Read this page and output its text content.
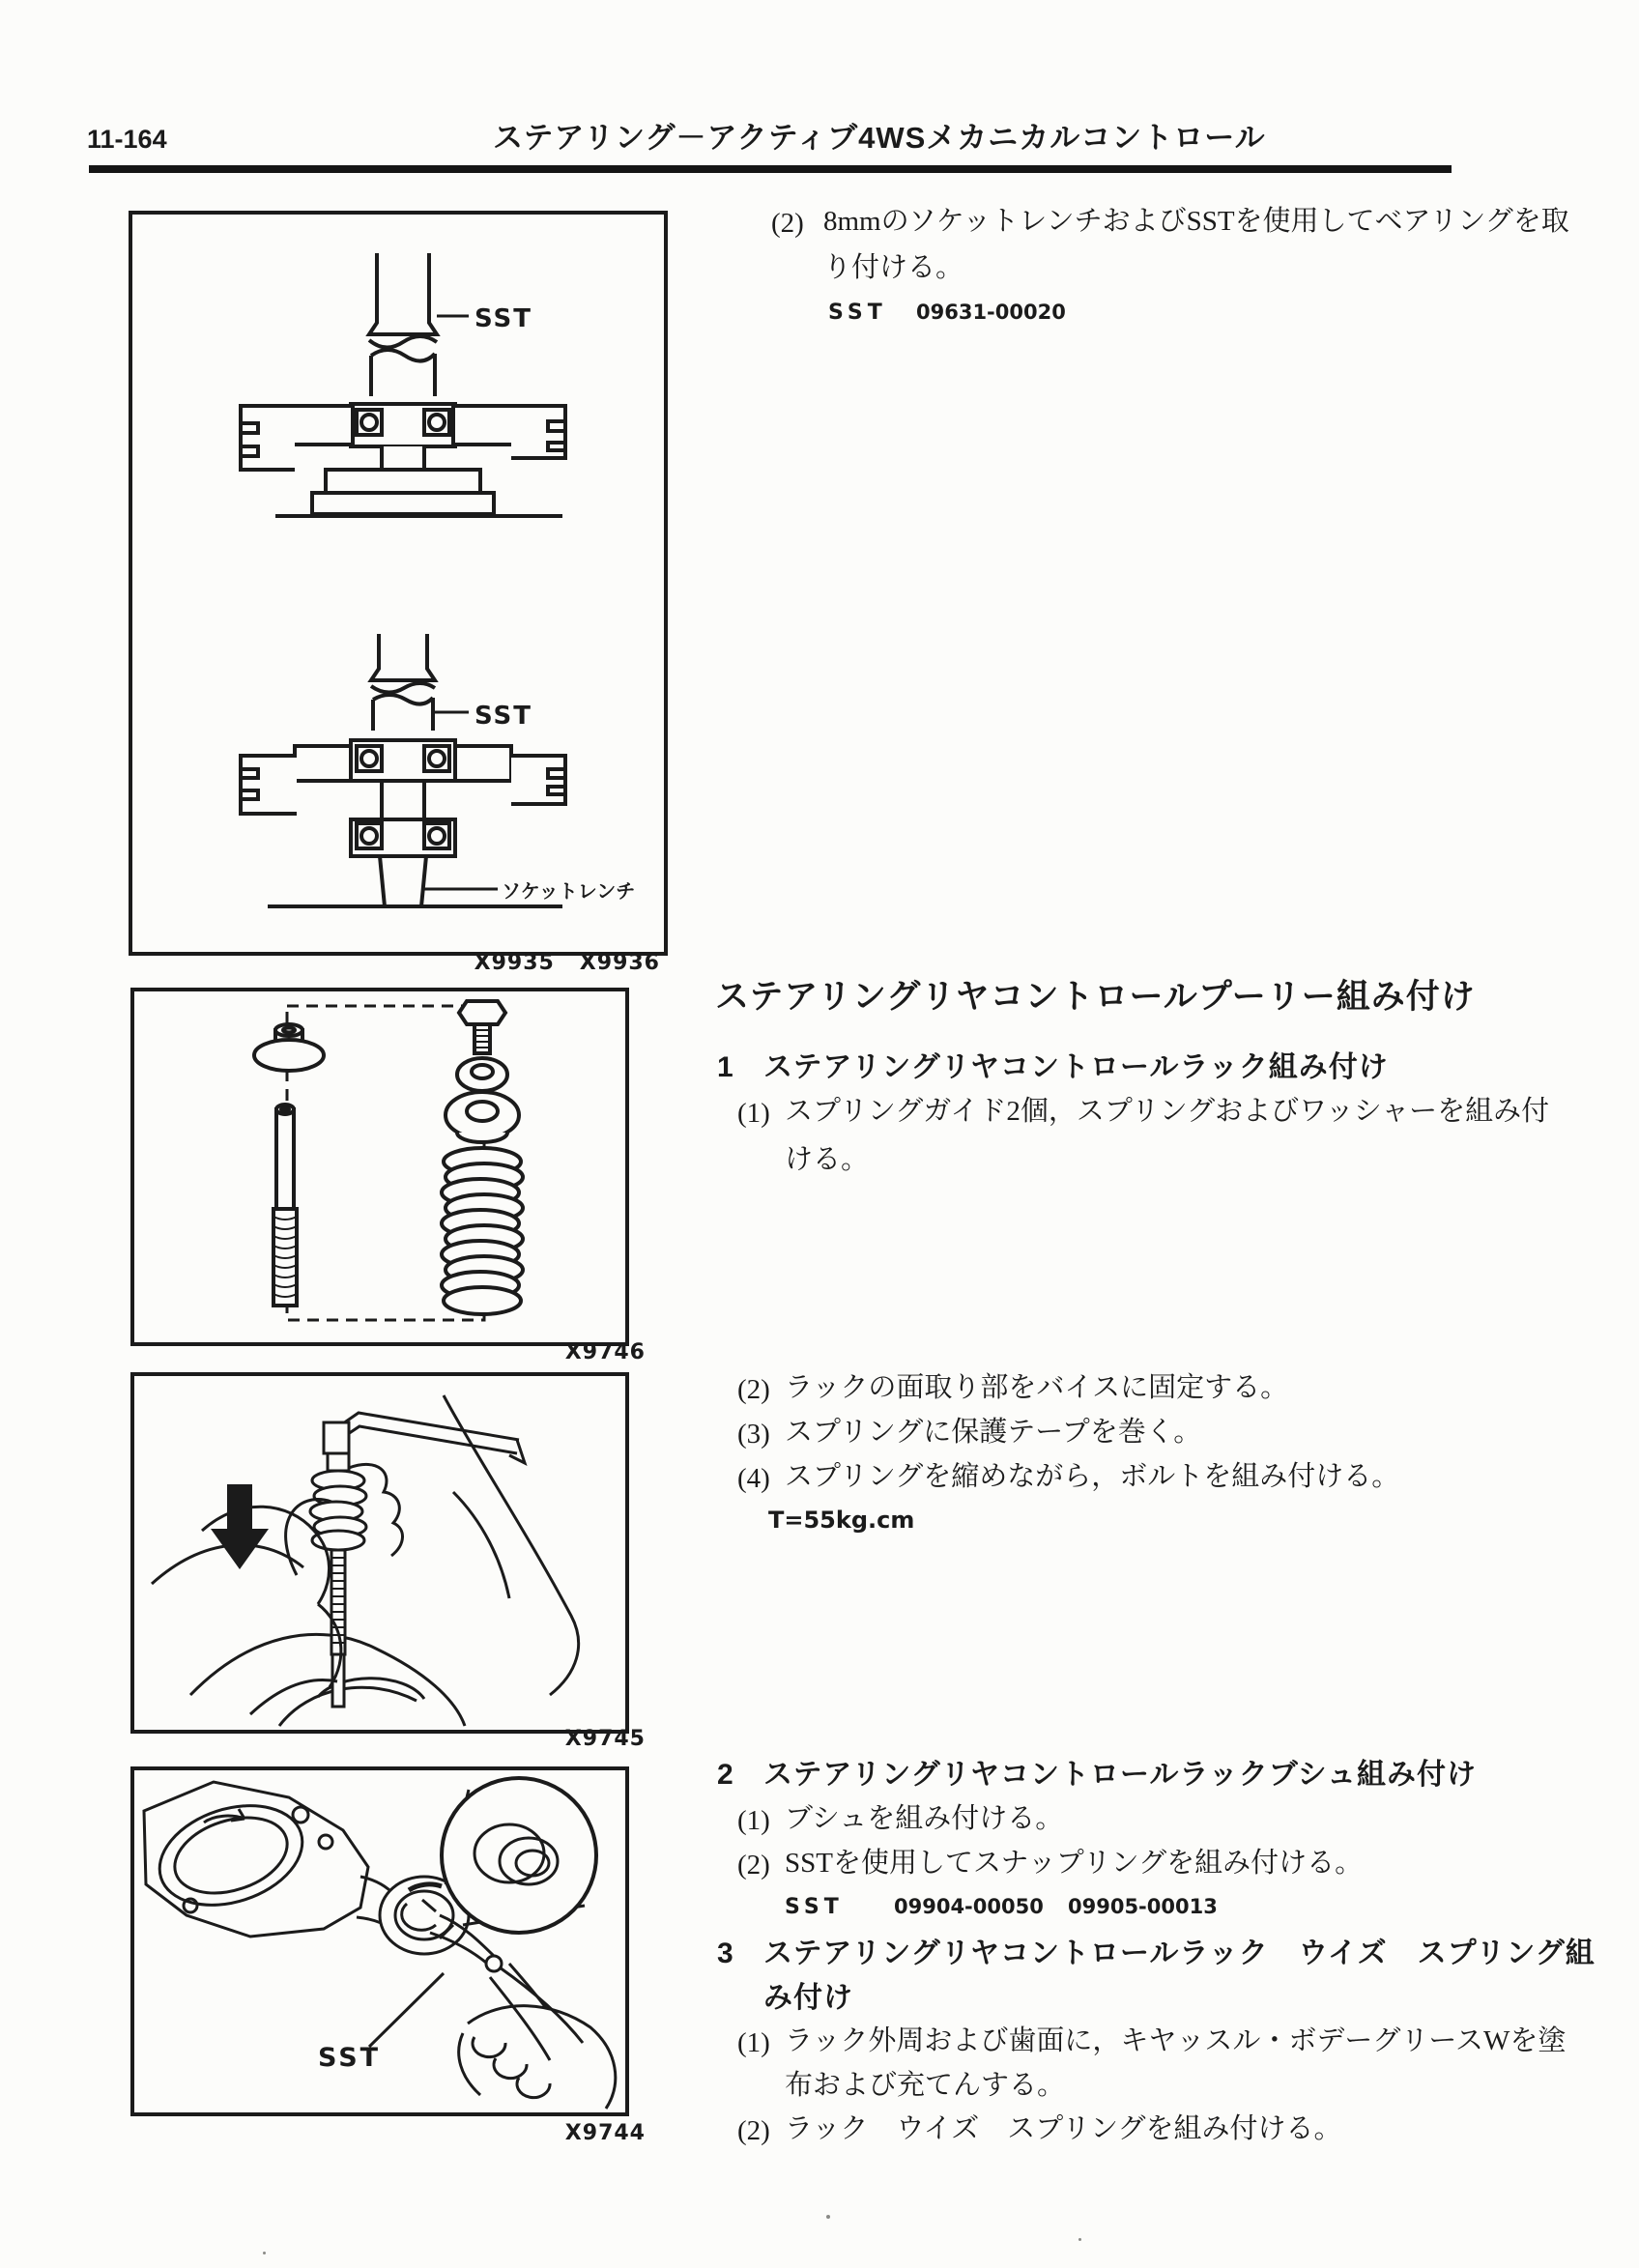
11-164	ステアリング－アクティブ4WSメカニカルコントロール
(2) 8mmのソケットレンチおよびSSTを使用してベアリングを取
り付ける。
SST 09631-00020
ステアリングリヤコントロールプーリー組み付け
1 ステアリングリヤコントロールラック組み付け
(1) スプリングガイド2個，スプリングおよびワッシャーを組み付
ける。
(2) ラックの面取り部をバイスに固定する。
(3) スプリングに保護テープを巻く。
(4) スプリングを縮めながら，ボルトを組み付ける。
T=55kg.cm
2 ステアリングリヤコントロールラックブシュ組み付け
(1) ブシュを組み付ける。
(2) SSTを使用してスナップリングを組み付ける。
SST 09904-00050 09905-00013
3 ステアリングリヤコントロールラック　ウイズ　スプリング組
み付け
(1) ラック外周および歯面に，キヤッスル・ボデーグリースWを塗
布および充てんする。
(2) ラック　ウイズ　スプリングを組み付ける。
SST
SST
ソケットレンチ
X9935   X9936
X9746
X9745
SST
X9744
